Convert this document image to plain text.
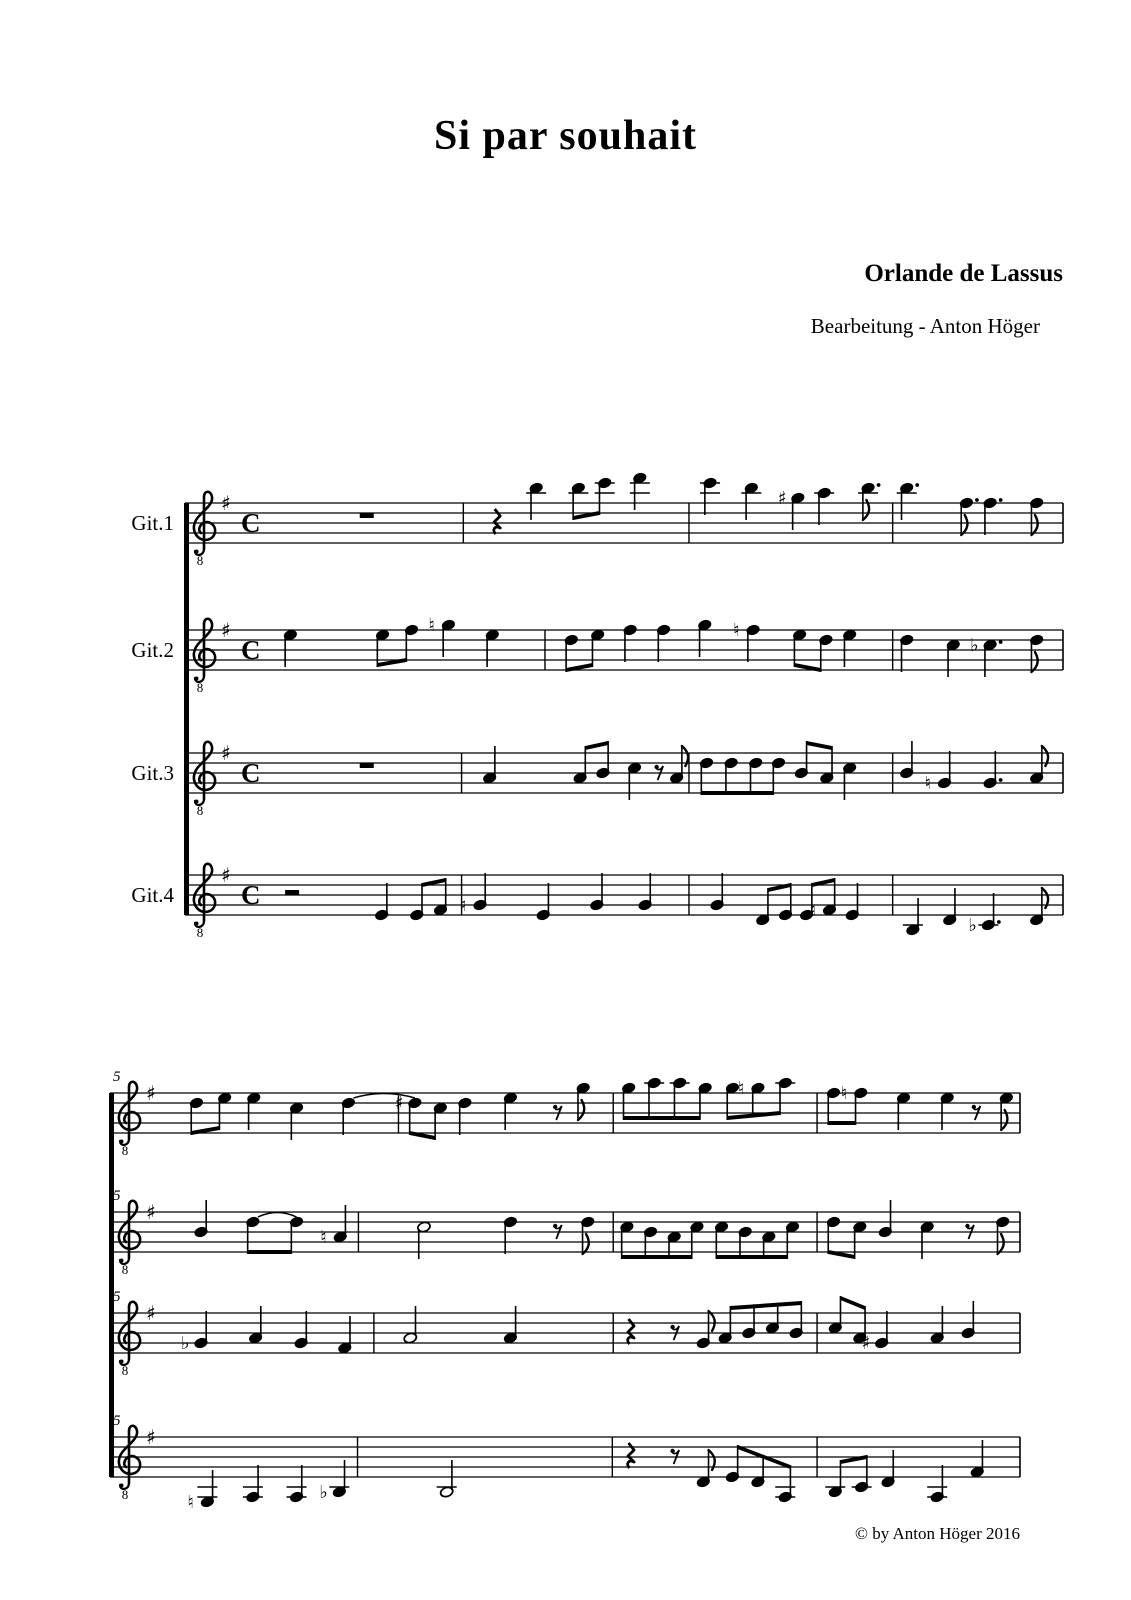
Si par souhait
Orlande de Lassus
Bearbeitung - Anton Höger
8
♯
C
Git.1
♯
8
♯
C
Git.2
♮	♮
♭
8
♯
C
Git.3	♮
8
♯
C
Git.4	♮	♮
♭
8
♯
5
♯
♮	♮
8
♯
5
♮
8
♯
5
♭	♯
8
♯
5
♮	♭
© by Anton Höger 2016
